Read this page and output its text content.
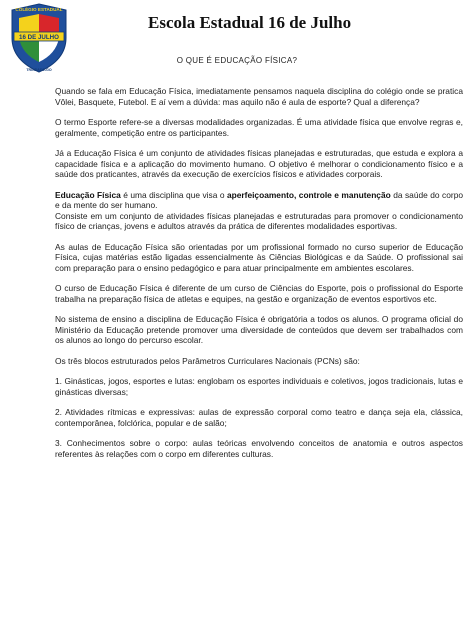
COLÉGIO ESTADUAL
16 DE JULHO
TRINDADE-GO
Escola Estadual 16 de Julho
O QUE É EDUCAÇÃO FÍSICA?

Quando se fala em Educação Física, imediatamente pensamos naquela disciplina do colégio onde se pratica Vôlei, Basquete, Futebol. E aí vem a dúvida: mas aquilo não é aula de esporte? Qual a diferença?

O termo Esporte refere-se a diversas modalidades organizadas. É uma atividade física que envolve regras e, geralmente, competição entre os participantes.

Já a Educação Física é um conjunto de atividades físicas planejadas e estruturadas, que estuda e explora a capacidade física e a aplicação do movimento humano. O objetivo é melhorar o condicionamento físico e a saúde dos praticantes, através da execução de exercícios físicos e atividades corporais.

Educação Física é uma disciplina que visa o aperfeiçoamento, controle e manutenção da saúde do corpo e da mente do ser humano.

Consiste em um conjunto de atividades físicas planejadas e estruturadas para promover o condicionamento físico de crianças, jovens e adultos através da prática de diferentes modalidades esportivas.

As aulas de Educação Física são orientadas por um profissional formado no curso superior de Educação Física, cujas matérias estão ligadas essencialmente às Ciências Biológicas e da Saúde. O profissional sai com preparação para o ensino pedagógico e para atuar principalmente em ambientes escolares.

O curso de Educação Física é diferente de um curso de Ciências do Esporte, pois o profissional do Esporte trabalha na preparação física de atletas e equipes, na gestão e organização de eventos esportivos etc.

No sistema de ensino a disciplina de Educação Física é obrigatória a todos os alunos. O programa oficial do Ministério da Educação pretende promover uma diversidade de conteúdos que devem ser trabalhados com os alunos ao longo do percurso escolar.

Os três blocos estruturados pelos Parâmetros Curriculares Nacionais (PCNs) são:

1. Ginásticas, jogos, esportes e lutas: englobam os esportes individuais e coletivos, jogos tradicionais, lutas e ginásticas diversas;

2. Atividades rítmicas e expressivas: aulas de expressão corporal como teatro e dança seja ela, clássica, contemporânea, folclórica, popular e de salão;

3. Conhecimentos sobre o corpo: aulas teóricas envolvendo conceitos de anatomia e outros aspectos referentes às relações com o corpo em diferentes culturas.
